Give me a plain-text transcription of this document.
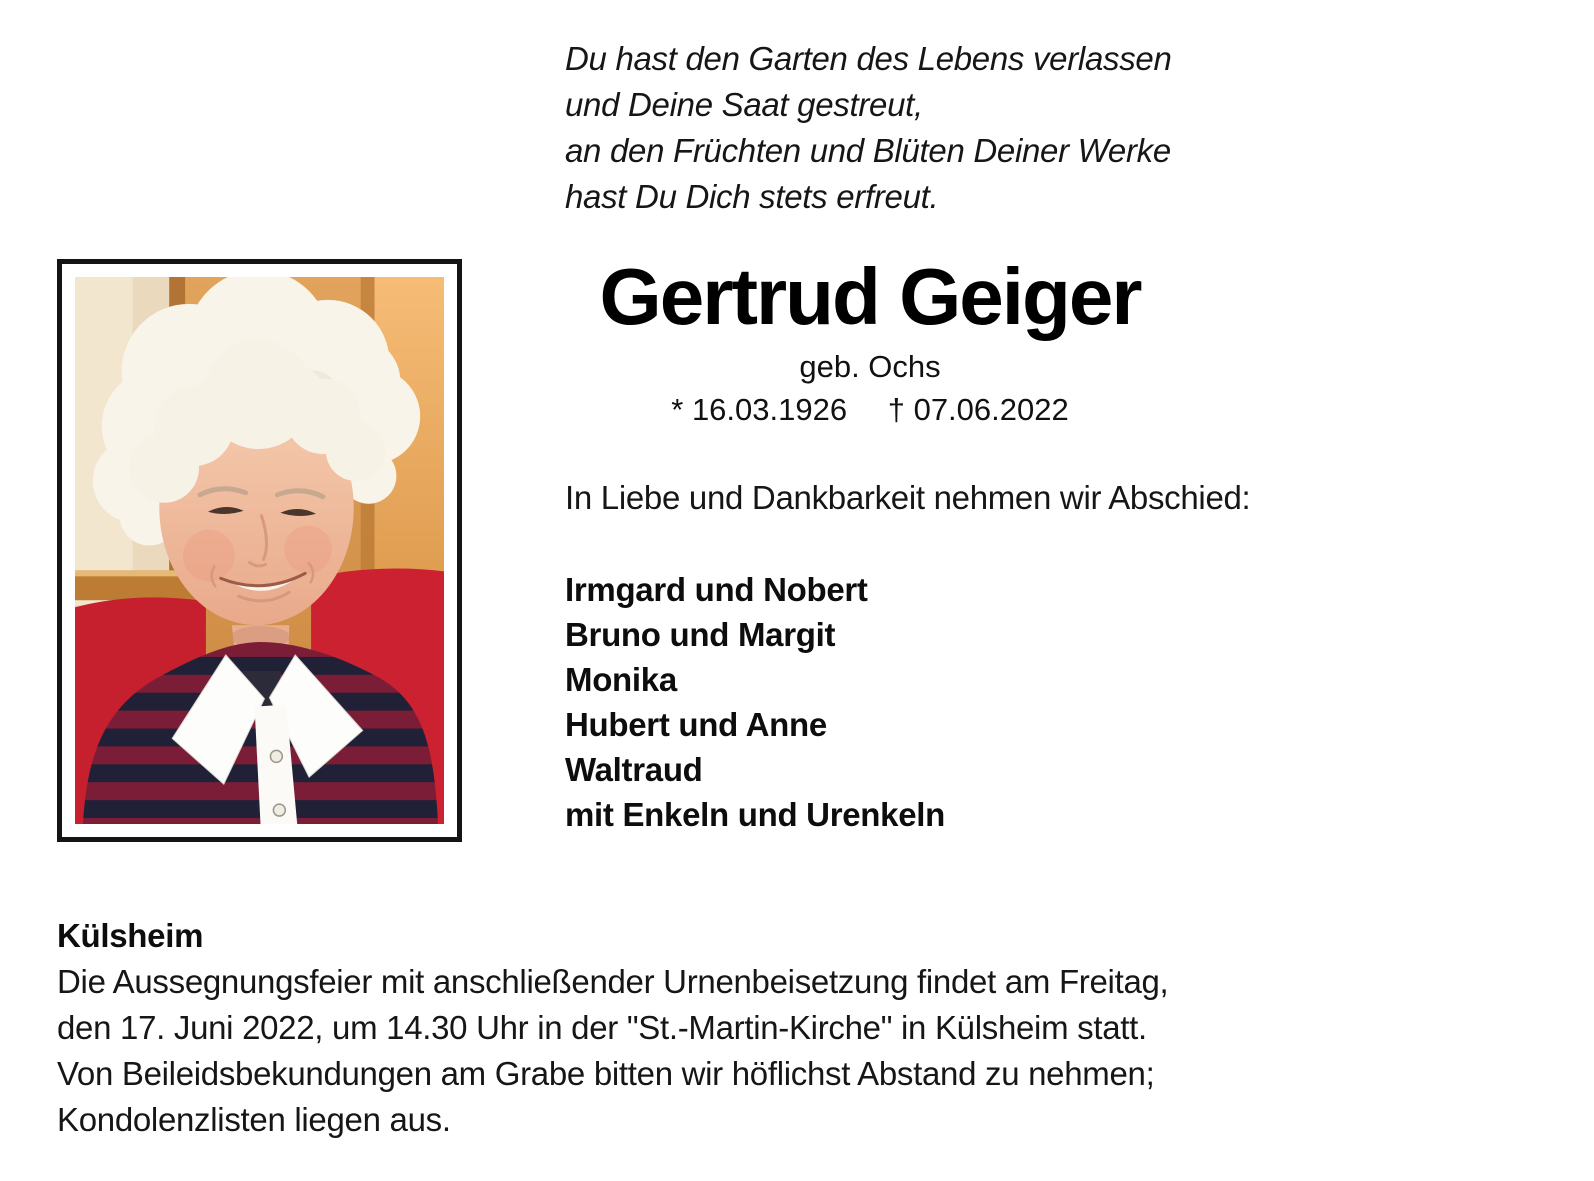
Du hast den Garten des Lebens verlassen
und Deine Saat gestreut,
an den Früchten und Blüten Deiner Werke
hast Du Dich stets erfreut.
Gertrud Geiger
geb. Ochs
* 16.03.1926 † 07.06.2022
In Liebe und Dankbarkeit nehmen wir Abschied:
Irmgard und Nobert
Bruno und Margit
Monika
Hubert und Anne
Waltraud
mit Enkeln und Urenkeln
Külsheim
Die Aussegnungsfeier mit anschließender Urnenbeisetzung findet am Freitag,
den 17. Juni 2022, um 14.30 Uhr in der "St.-Martin-Kirche" in Külsheim statt.
Von Beileidsbekundungen am Grabe bitten wir höflichst Abstand zu nehmen;
Kondolenzlisten liegen aus.
